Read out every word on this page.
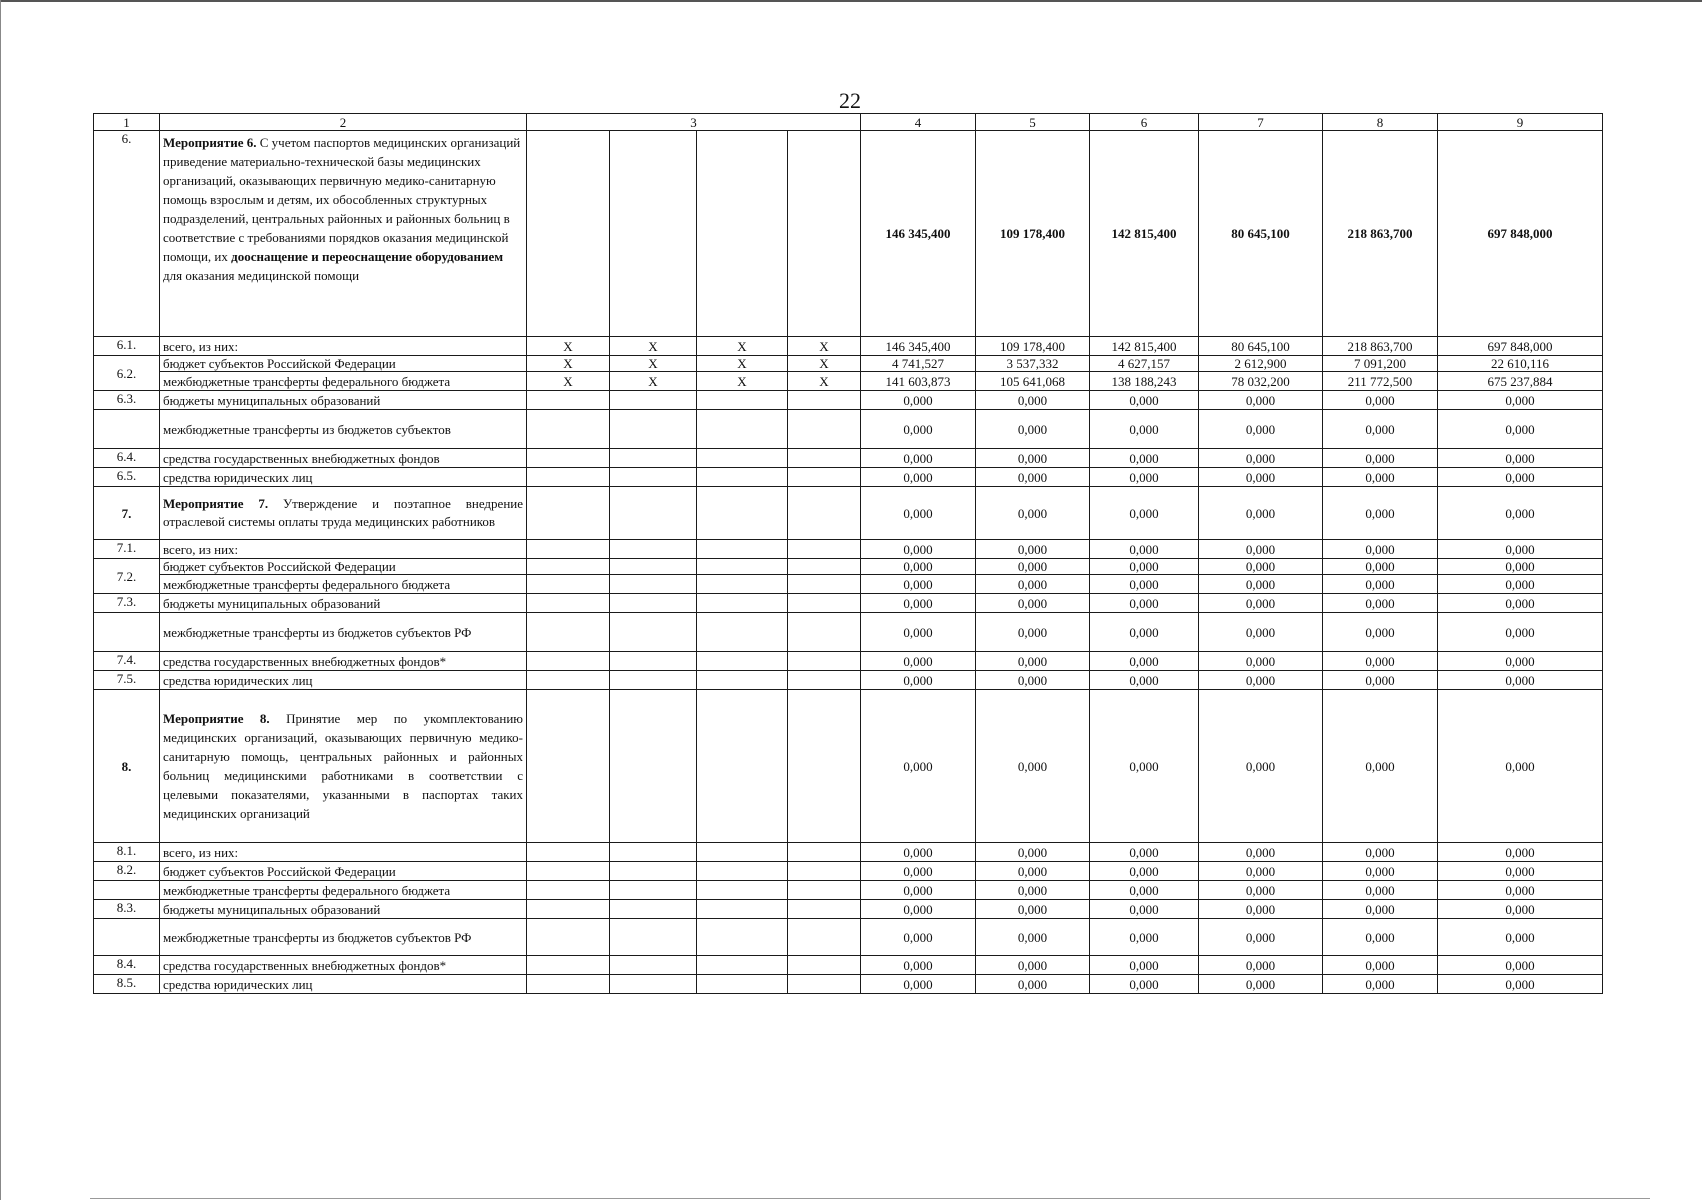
22
1	2	3				4	5	6	7	8	9
6.	Мероприятие 6. С учетом паспортов медицинских организаций приведение материально-технической базы медицинских организаций, оказывающих первичную медико-санитарную помощь взрослым и детям, их обособленных структурных подразделений, центральных районных и районных больниц в соответствие с требованиями порядков оказания медицинской помощи, их дооснащение и переоснащение оборудованием для оказания медицинской помощи					146 345,400	109 178,400	142 815,400	80 645,100	218 863,700	697 848,000
6.1.	всего, из них:	X	X	X	X	146 345,400	109 178,400	142 815,400	80 645,100	218 863,700	697 848,000
6.2.	бюджет субъектов Российской Федерации	X	X	X	X	4 741,527	3 537,332	4 627,157	2 612,900	7 091,200	22 610,116
	межбюджетные трансферты федерального бюджета	X	X	X	X	141 603,873	105 641,068	138 188,243	78 032,200	211 772,500	675 237,884
6.3.	бюджеты муниципальных образований					0,000	0,000	0,000	0,000	0,000	0,000
	межбюджетные трансферты из бюджетов субъектов					0,000	0,000	0,000	0,000	0,000	0,000
6.4.	средства государственных внебюджетных фондов					0,000	0,000	0,000	0,000	0,000	0,000
6.5.	средства юридических лиц					0,000	0,000	0,000	0,000	0,000	0,000
7.	Мероприятие 7. Утверждение и поэтапное внедрение отраслевой системы оплаты труда медицинских работников					0,000	0,000	0,000	0,000	0,000	0,000
7.1.	всего, из них:					0,000	0,000	0,000	0,000	0,000	0,000
7.2.	бюджет субъектов Российской Федерации					0,000	0,000	0,000	0,000	0,000	0,000
	межбюджетные трансферты федерального бюджета					0,000	0,000	0,000	0,000	0,000	0,000
7.3.	бюджеты муниципальных образований					0,000	0,000	0,000	0,000	0,000	0,000
	межбюджетные трансферты из бюджетов субъектов РФ					0,000	0,000	0,000	0,000	0,000	0,000
7.4.	средства государственных внебюджетных фондов*					0,000	0,000	0,000	0,000	0,000	0,000
7.5.	средства юридических лиц					0,000	0,000	0,000	0,000	0,000	0,000
8.	Мероприятие 8. Принятие мер по укомплектованию медицинских организаций, оказывающих первичную медико-санитарную помощь, центральных районных и районных больниц медицинскими работниками в соответствии с целевыми показателями, указанными в паспортах таких медицинских организаций					0,000	0,000	0,000	0,000	0,000	0,000
8.1.	всего, из них:					0,000	0,000	0,000	0,000	0,000	0,000
8.2.	бюджет субъектов Российской Федерации					0,000	0,000	0,000	0,000	0,000	0,000
	межбюджетные трансферты федерального бюджета					0,000	0,000	0,000	0,000	0,000	0,000
8.3.	бюджеты муниципальных образований					0,000	0,000	0,000	0,000	0,000	0,000
	межбюджетные трансферты из бюджетов субъектов РФ					0,000	0,000	0,000	0,000	0,000	0,000
8.4.	средства государственных внебюджетных фондов*					0,000	0,000	0,000	0,000	0,000	0,000
8.5.	средства юридических лиц					0,000	0,000	0,000	0,000	0,000	0,000
